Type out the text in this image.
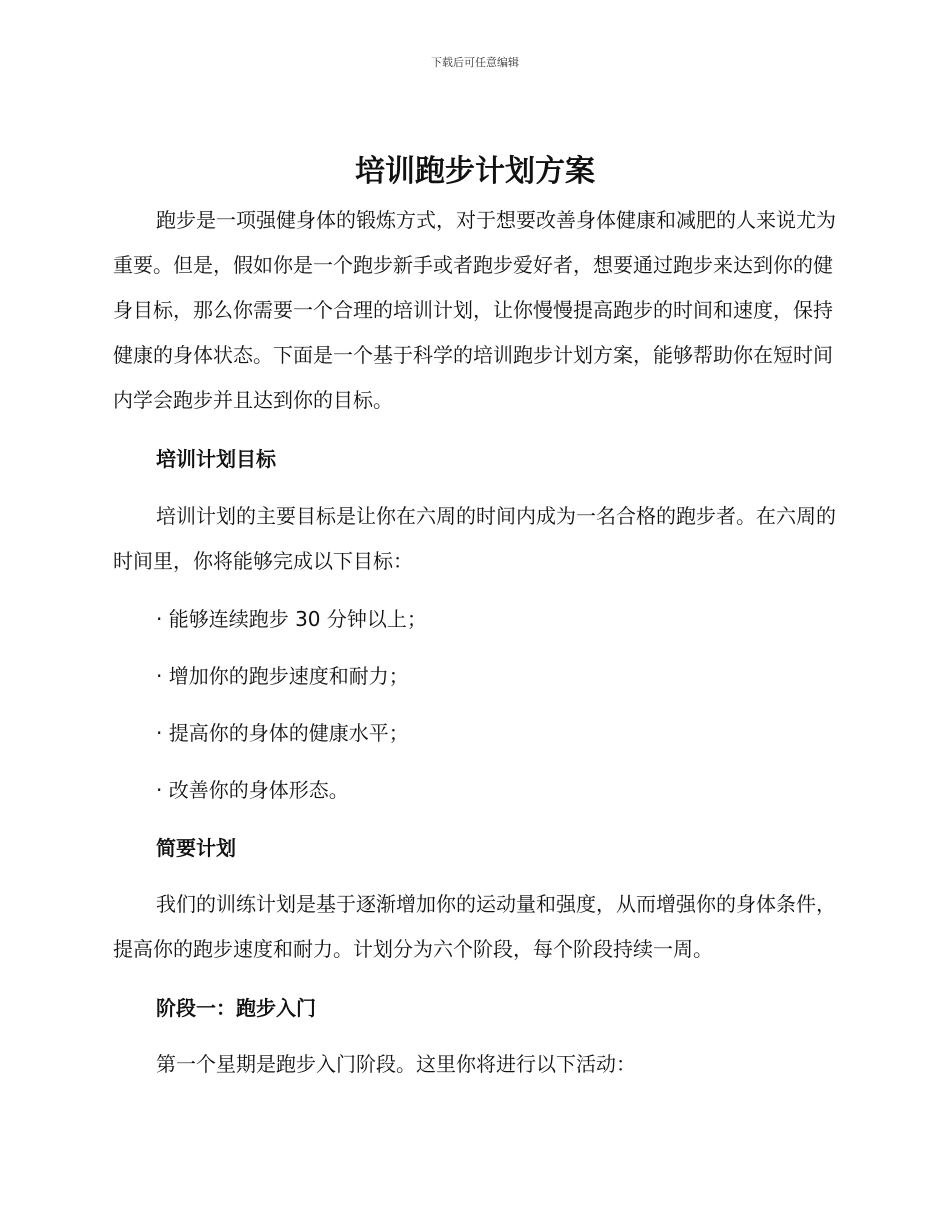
下载后可任意编辑
培训跑步计划方案

跑步是一项强健身体的锻炼方式，对于想要改善身体健康和减肥的人来说尤为重要。但是，假如你是一个跑步新手或者跑步爱好者，想要通过跑步来达到你的健身目标，那么你需要一个合理的培训计划，让你慢慢提高跑步的时间和速度，保持健康的身体状态。下面是一个基于科学的培训跑步计划方案，能够帮助你在短时间内学会跑步并且达到你的目标。

培训计划目标

培训计划的主要目标是让你在六周的时间内成为一名合格的跑步者。在六周的时间里，你将能够完成以下目标：

· 能够连续跑步 30 分钟以上；

· 增加你的跑步速度和耐力；

· 提高你的身体的健康水平；

· 改善你的身体形态。

简要计划

我们的训练计划是基于逐渐增加你的运动量和强度，从而增强你的身体条件，提高你的跑步速度和耐力。计划分为六个阶段，每个阶段持续一周。

阶段一：跑步入门

第一个星期是跑步入门阶段。这里你将进行以下活动：
